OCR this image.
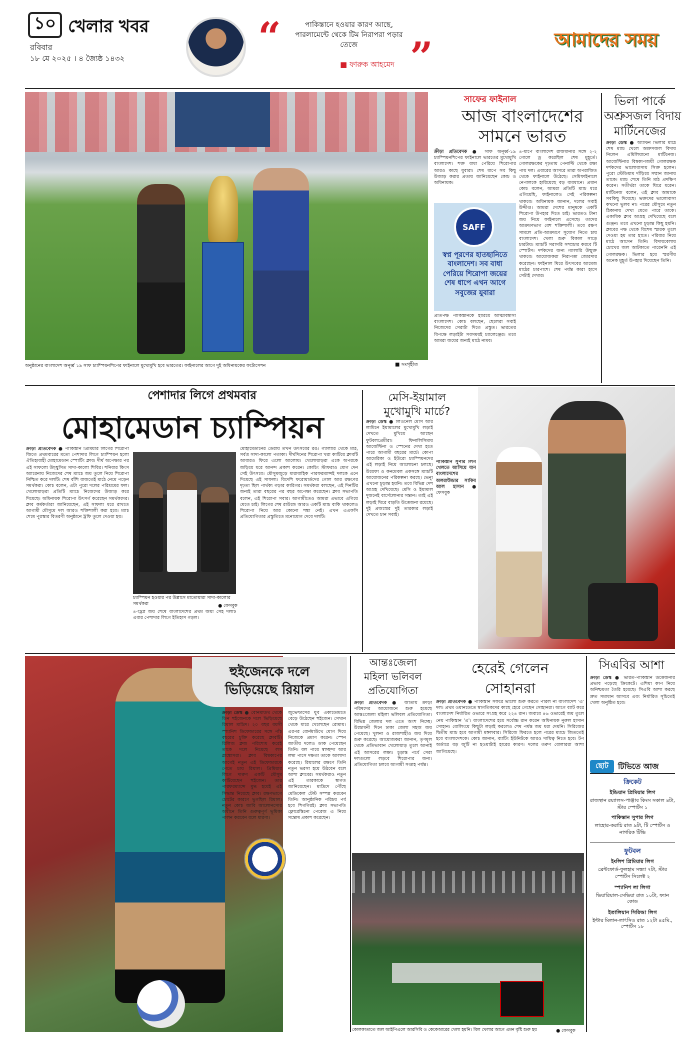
১০ খেলার খবর
রবিবার
১৮ মে ২০২৫ । ৪ জ্যৈষ্ঠ ১৪৩২	“	পাকিস্তানে হওয়ার কারণ আছে, পারলামেন্টে থেকে টিম নিরাপরা পড়ার তেজে
■ ফারুক আহমেদ ”	আমাদের সময়
অনুষ্ঠানের বাংলাদেশ অনূর্ধ্ব ১৯ সাফ চ্যাম্পিয়নশিপের ফাইনালে মুখোমুখি হবে ভারতের। ফাইনালের আগে দুই অধিনায়কের ফটোসেশন	■ সংগৃহীত
সাফের ফাইনাল
আজ বাংলাদেশের
সামনে ভারত
ক্রীড়া প্রতিবেদক ● সাফ অনূর্ধ্ব-১৯ চ্যাম্পিয়নশিপের ফাইনালে ভারতের মুখোমুখি বাংলাদেশ। শক্ত বাধা পেরিয়ে শিরোপার আরও কাছে যুবারা। শেষ ধাপে সব কিছু উজাড় করার প্রত্যয় জানিয়েছেন কোচ ও অধিনায়ক।
SAFF
স্বপ্ন পূরণের হাতছানিতে বাংলাদেশ। সব বাধা পেরিয়ে শিরোপা জয়ের শেষ ধাপে এখন আগে সবুজের যুবারা
প্রতিপক্ষ পাকিস্তানকে হারিয়ে আত্মবিশ্বাসী বাংলাদেশ। কোচ বলছেন, ছেলেরা সবাই নিজেদের সেরাটা দিতে প্রস্তুত। ভারতের বিপক্ষে লড়াইটা সবসময়ই চ্যালেঞ্জের। তবে আমরা জয়ের জন্যই মাঠে নামব।
৪-ধাপে বাংলাদেশ রাজধানীর সঙ্গে ২-২ গোলে ড্র করেছিল শেষ মুহূর্তে। গোলরক্ষকের দৃঢ়তায় পেনাল্টি থেকে রক্ষা পায় দল। এবারের আসরে তারা অপরাজিত থেকে ফাইনালে উঠেছে। সেমিফাইনালে নেপালকে হারিয়েছে বড় ব্যবধানে। প্রধান কোচ বলেন, আমরা প্রতিটি ম্যাচ ধরে এগিয়েছি, ফাইনালেও সেই পরিকল্পনা থাকবে। অধিনায়ক জানান, দলের সবাই উদ্দীপ্ত। আমরা দেশের মানুষকে একটি শিরোপা উপহার দিতে চাই। ভারতও টানা জয় নিয়ে ফাইনালে এসেছে। তাদের আক্রমণভাগ বেশ শক্তিশালী। তবে রক্ষণ সামলে প্রতি-আক্রমণে সুযোগ নিতে চায় বাংলাদেশ। খেলা শুরু বিকাল সাড়ে চারটায়। ম্যাচটি সরাসরি সম্প্রচার করবে টি স্পোর্টস। দর্শকদের জন্য গ্যালারি উন্মুক্ত থাকবে। আয়োজকরা নিরাপত্তা জোরদার করেছেন। ফাইনাল ঘিরে উৎসবের আমেজ মাঠের চারপাশে। শেষ পর্যন্ত কারা হাসে সেটাই দেখার।
ভিলা পার্কে
অশ্রুসজল বিদায়
মার্টিনেজের
ক্রীড়া ডেস্ক ● অ্যাস্টন ভিলার মাঠে শেষ ম্যাচ খেলে অশ্রুসজল বিদায় নিলেন এমিলিয়ানো মার্টিনেজ। আর্জেন্টিনার বিশ্বকাপজয়ী গোলরক্ষক দর্শকদের ভালোবাসায় সিক্ত হলেন। পুরো স্টেডিয়াম দাঁড়িয়ে সম্মান জানায় তাকে। ম্যাচ শেষে তিনি মাঠ প্রদক্ষিণ করেন। সতীর্থরা তাকে ঘিরে ধরেন। মার্টিনেজ বলেন, এই ক্লাব আমাকে সবকিছু দিয়েছে। ভক্তদের ভালোবাসা কখনো ভুলব না। পরের মৌসুমে নতুন ঠিকানায় দেখা যেতে পারে তাকে। একাধিক ক্লাব আগ্রহ দেখিয়েছে বলে গুঞ্জন। তবে এখনো চূড়ান্ত কিছু হয়নি। ক্লাবের পক্ষ থেকে বিশেষ স্মারক তুলে দেওয়া হয় তার হাতে। পরিবার নিয়ে মাঠে আসেন তিনি। বিদায়বেলায় চোখের জল আটকাতে পারেননি এই গোলরক্ষক। ভিলার হয়ে স্মরণীয় অনেক মুহূর্ত উপহার দিয়েছেন তিনি।
পেশাদার লিগে প্রথমবার
মোহামেডান চ্যাম্পিয়ন
ক্রীড়া প্রতিবেদক ● পাকিস্তান প্রিমিয়ার লিগের শিরোপা জিতে প্রথমবারের মতো পেশাদার লিগে চ্যাম্পিয়ন হলো ঐতিহ্যবাহী মোহামেডান স্পোর্টিং ক্লাব। দীর্ঘ অপেক্ষার পর এই সাফল্যে উচ্ছ্বসিত সাদা-কালো শিবির। শনিবার কিংস অ্যারেনায় নিজেদের শেষ ম্যাচে জয় তুলে নিয়ে শিরোপা নিশ্চিত করে দলটি। শেষ বাঁশি বাজতেই মাঠে নেমে পড়েন সমর্থকরা। কোচ বলেন, এটা পুরো দলের পরিশ্রমের ফল। খেলোয়াড়রা প্রতিটি ম্যাচে নিজেদের উজাড় করে দিয়েছে। অধিনায়ক শিরোপা উৎসর্গ করেছেন সমর্থকদের। ক্লাব কর্মকর্তারা জানিয়েছেন, এই সাফল্য ধরে রাখতে আগামী মৌসুমে দল আরও শক্তিশালী করা হবে। ম্যাচ শেষে পুরস্কার বিতরণী অনুষ্ঠানে ট্রফি তুলে দেওয়া হয়।
চ্যাম্পিয়ন হওয়ার পর উল্লাসে মাতোয়ারা সাদা-কালোর সমর্থকরা	● ফেসবুক
৪-ট্রিপ্ল জয় শেষে বাংলাদেশের প্রথম জয়ী সেই দলটি এবার পেশাদার লিগে ইতিহাস গড়ল।
মোহামেডানের ডেরায় তখন উৎসবের রঙ। গ্যালারি থেকে মাঠ, সর্বত্র সাদা-কালো পতাকা। দীর্ঘদিনের শিরোপা খরা কাটিয়ে ক্লাবটি আবারও ফিরে এলো আলোয়। খেলোয়াড়রা একে অপরকে জড়িয়ে ধরে আনন্দ প্রকাশ করেন। কোচিং স্টাফরাও যোগ দেন সেই উৎসবে। মৌসুমজুড়ে ধারাবাহিক পারফরম্যান্সই দলকে এনে দিয়েছে এই সাফল্য। বিদেশি ফরোয়ার্ডদের গোল আর রক্ষণের দৃঢ়তা ছিল পার্থক্য গড়ার কারিগর। সমর্থকরা বলছেন, এই দিনটির জন্যই তারা বছরের পর বছর অপেক্ষা করেছেন। ক্লাব সভাপতি বলেন, এই শিরোপা সবার। আগামীতেও আমরা এভাবে এগিয়ে যেতে চাই। লিগের শেষ রাউন্ডে আরও একটি ম্যাচ বাকি থাকলেও শিরোপা নিয়ে আর কোনো শঙ্কা নেই। এখন এএফসি প্রতিযোগিতার প্রস্তুতিতে মনোযোগ দেবে দলটি।
মেসি-ইয়ামাল
মুখোমুখি মার্চে?
ক্রীড়া ডেস্ক ● লিওনেল মেসি আর লামিনে ইয়ামালের মুখোমুখি লড়াই দেখতে মুখিয়ে আছেন ফুটবলপ্রেমীরা। ফিনালিসিমায় আর্জেন্টিনা ও স্পেনের দেখা হতে পারে আগামী বছরের মার্চে। কোপা আমেরিকা ও ইউরো চ্যাম্পিয়নদের এই লড়াই নিয়ে আলোচনা চলছে। উয়েফা ও কনমেবল একসঙ্গে ম্যাচটি আয়োজনের পরিকল্পনা করছে। ভেন্যু এখনো চূড়ান্ত হয়নি। তবে বিভিন্ন দেশ আগ্রহ দেখিয়েছে। মেসি ও ইয়ামাল দুজনেই বার্সেলোনার সন্তান। তাই এই লড়াই ঘিরে বাড়তি উত্তেজনা রয়েছে। দুই প্রজন্মের দুই তারকার লড়াই দেখতে চান সবাই।
পাকিস্তান সুপার লিগ খেলতে আসিয়ে যান বাংলাদেশের অলরাউন্ডার সাকিব আল হাসান ● ফেসবুক
হুইজেনকে দলে
ভিড়িয়েছে রিয়াল
ক্রীড়া ডেস্ক ● বোর্নমাউথ থেকে ডিন হুইজেনকে দলে ভিড়িয়েছে রিয়াল মাদ্রিদ। ২০ বছর বয়সী স্প্যানিশ ডিফেন্ডারের সঙ্গে পাঁচ বছরের চুক্তি করেছে ক্লাবটি। রিলিজ ক্লজ পরিশোধ করেই তাকে দলে নিয়েছে লস ব্লাঙ্কোসরা। ক্লাব বিশ্বকাপের আগেই নতুন এই ডিফেন্ডারকে পেতে চায় রিয়াল। প্রিমিয়ার লিগে দারুণ একটি মৌসুম কাটিয়েছেন হুইজেন। তার পারফরম্যান্সে মুগ্ধ হয়েই এই সিদ্ধান্ত নিয়েছে ক্লাব। রক্ষণভাগে চোটের কারণে ভুগছিল রিয়াল। নতুন কোচ জাবি আলোনসোর অধীনে তিনি গুরুত্বপূর্ণ ভূমিকা পালন করবেন বলে ধারণা।
জুভেন্টাসের যুব একাডেমিতে বেড়ে উঠেছেন হুইজেন। সেখান থেকে ধারে খেলেছেন রোমায়। এরপর বোর্নমাউথে যোগ দিয়ে নিজেকে প্রমাণ করেন। স্পেন জাতীয় দলেও ডাক পেয়েছেন তিনি। বল পায়ে স্বাচ্ছন্দ্য আর লম্বা পাসে দক্ষতা তাকে আলাদা করেছে। রিয়ালের রক্ষণে তিনি নতুন ভরসা হয়ে উঠবেন বলে আশা ক্লাবের। সমর্থকরাও নতুন এই তারকাকে স্বাগত জানিয়েছেন। মাদ্রিদে পৌঁছে মেডিকেল টেস্ট সম্পন্ন করবেন তিনি। আনুষ্ঠানিক পরিচয় পর্ব হবে শিগগিরই। ক্লাব সভাপতি ফ্লোরেন্তিনো পেরেজ এ নিয়ে সন্তোষ প্রকাশ করেছেন।
আন্তঃজেলা
মহিলা ভলিবল
প্রতিযোগিতা
ক্রীড়া প্রতিবেদক ● জাতীয় ক্রীড়া পরিষদের আয়োজনে শুরু হয়েছে আন্তঃজেলা মহিলা ভলিবল প্রতিযোগিতা। বিভিন্ন জেলার দল এতে অংশ নিচ্ছে। উদ্বোধনী দিনে ঢাকা জেলা সহজ জয় পেয়েছে। খুলনা ও রাজশাহীও জয় দিয়ে শুরু করেছে। আয়োজকরা জানান, তৃণমূল থেকে প্রতিভাবান খেলোয়াড় তুলে আনাই এই আসরের লক্ষ্য। চূড়ান্ত পর্বে সেরা দলগুলো লড়বে শিরোপার জন্য। প্রতিযোগিতা চলবে আগামী সপ্তাহ পর্যন্ত।
হেরেই গেলেন
সোহানরা
ক্রীড়া প্রতিবেদক ● পাকিস্তান সফরে ভালো শুরু করতে পারল না বাংলাদেশ 'এ' দল। প্রথম ওয়ানডেতে স্বাগতিকদের কাছে হেরে গেছেন সোহানরা। আগে ব্যাট করে বাংলাদেশ নির্ধারিত ওভারে সংগ্রহ করে ২২৪ রান। জবাবে ৪৬ ওভারেই জয় তুলে নেয় পাকিস্তান 'এ'। বাংলাদেশের হয়ে সর্বোচ্চ রান করেন অধিনায়ক নুরুল হাসান সোহান। বোলিংয়ে কিছুটা লড়াই করলেও শেষ পর্যন্ত জয় ধরা দেয়নি। সিরিজের দ্বিতীয় ম্যাচ হবে আগামী মঙ্গলবার। সিরিজে ফিরতে হলে পরের ম্যাচে জিততেই হবে বাংলাদেশকে। কোচ জানান, ব্যাটিং ইউনিটকে আরও দায়িত্ব নিতে হবে। টপ অর্ডারে বড় জুটি না হওয়াটাই হারের কারণ। দলের তরুণ বোলাররা আশা জাগিয়েছে।
কোলকাতাতে জল আইপিএলে আরসিবি ও কেকেআরের খেলা হয়নি। বিল খেলার আগে এমন বৃষ্টি শুরু হয়	● ফেসবুক
সিএবির আশা
ক্রীড়া ডেস্ক ● ভারত-পাকিস্তান উত্তেজনার প্রভাব পড়েছে ক্রিকেটে। এশিয়া কাপ নিয়ে অনিশ্চয়তা তৈরি হয়েছে। সিএবি আশা করছে দ্রুত সমাধান আসবে এবং নির্ধারিত সূচিতেই খেলা অনুষ্ঠিত হবে।
ছোট	টিভিতে আজ
ক্রিকেট
ইন্ডিয়ান প্রিমিয়ার লিগ
রাজস্থান রয়্যালস-পাঞ্জাব কিংস সকাল ৪টা, স্টার স্পোর্টস ১
পাকিস্তান সুপার লিগ
লাহোর-করাচি রাত ৯টা, টি স্পোর্টস ও নাগরিক টিভি
ফুটবল
ইংলিশ প্রিমিয়ার লিগ
ব্রেন্টফোর্ড-ফুলহাম সন্ধ্যা ৭টা, স্টার স্পোর্টস সিলেক্ট ২
স্প্যানিশ লা লিগা
ভিয়ারিয়াল-সেভিয়া রাত ১০টা, ফ্যান কোড
ইতালিয়ান সিরিআ লিগ
ইন্টার মিলান-লাৎসিও রাত ১২টা ৪৫মি., স্পোর্টস ১৮
